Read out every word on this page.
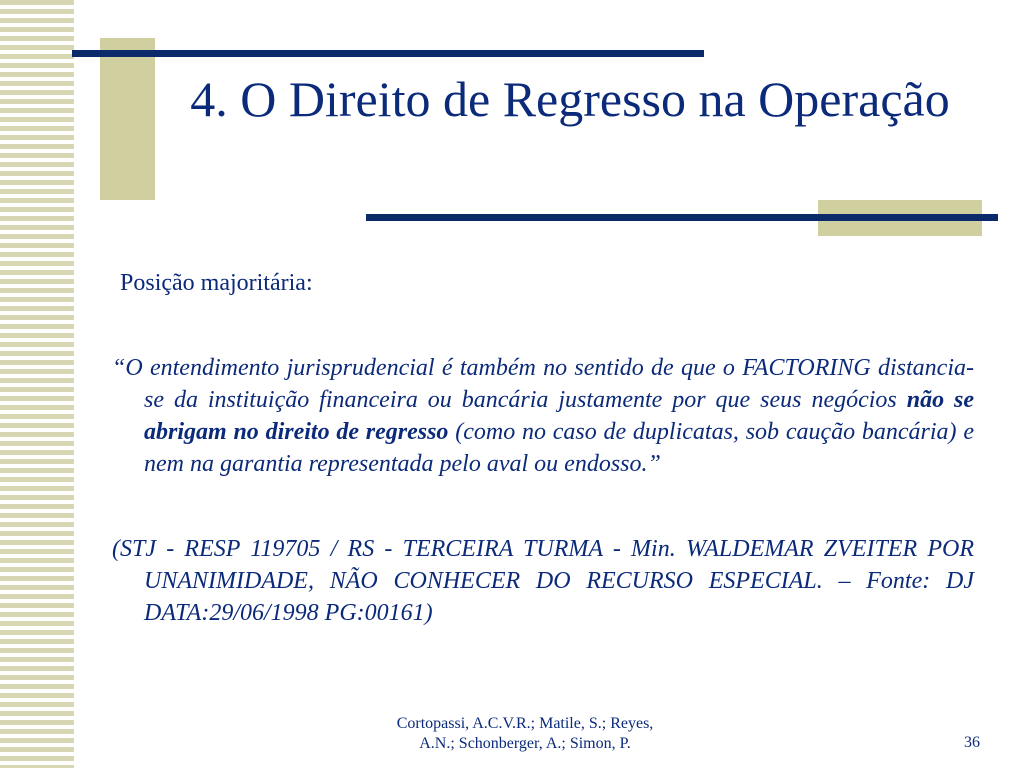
4. O Direito de Regresso na Operação
Posição majoritária:

“O entendimento jurisprudencial é também no sentido de que o FACTORING distancia-se da instituição financeira ou bancária justamente por que seus negócios não se abrigam no direito de regresso (como no caso de duplicatas, sob caução bancária) e nem na garantia representada pelo aval ou endosso.”

(STJ - RESP 119705 / RS - TERCEIRA TURMA - Min. WALDEMAR ZVEITER POR UNANIMIDADE, NÃO CONHECER DO RECURSO ESPECIAL. – Fonte: DJ DATA:29/06/1998 PG:00161)

Cortopassi, A.C.V.R.; Matile, S.; Reyes,
A.N.; Schonberger, A.; Simon, P.	36
